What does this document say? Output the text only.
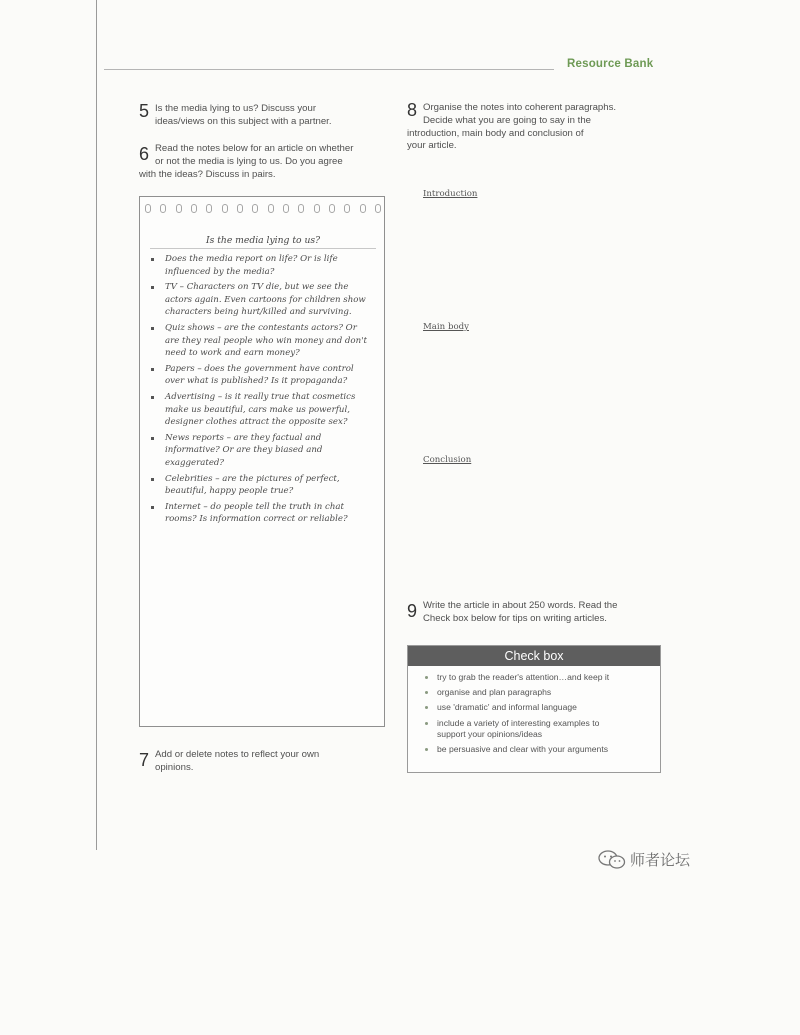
Resource Bank
5 Is the media lying to us? Discuss your
ideas/views on this subject with a partner.
6 Read the notes below for an article on whether
or not the media is lying to us. Do you agree
with the ideas? Discuss in pairs.
Is the media lying to us?
Does the media report on life? Or is life
influenced by the media?
TV – Characters on TV die, but we see the
actors again. Even cartoons for children show
characters being hurt/killed and surviving.
Quiz shows – are the contestants actors? Or
are they real people who win money and don't
need to work and earn money?
Papers – does the government have control
over what is published? Is it propaganda?
Advertising – is it really true that cosmetics
make us beautiful, cars make us powerful,
designer clothes attract the opposite sex?
News reports – are they factual and
informative? Or are they biased and
exaggerated?
Celebrities – are the pictures of perfect,
beautiful, happy people true?
Internet – do people tell the truth in chat
rooms? Is information correct or reliable?
7 Add or delete notes to reflect your own
opinions.
8 Organise the notes into coherent paragraphs.
Decide what you are going to say in the
introduction, main body and conclusion of
your article.
Introduction
Main body
Conclusion
9 Write the article in about 250 words. Read the
Check box below for tips on writing articles.
Check box
try to grab the reader's attention…and keep it
organise and plan paragraphs
use 'dramatic' and informal language
include a variety of interesting examples to
support your opinions/ideas
be persuasive and clear with your arguments
师者论坛
